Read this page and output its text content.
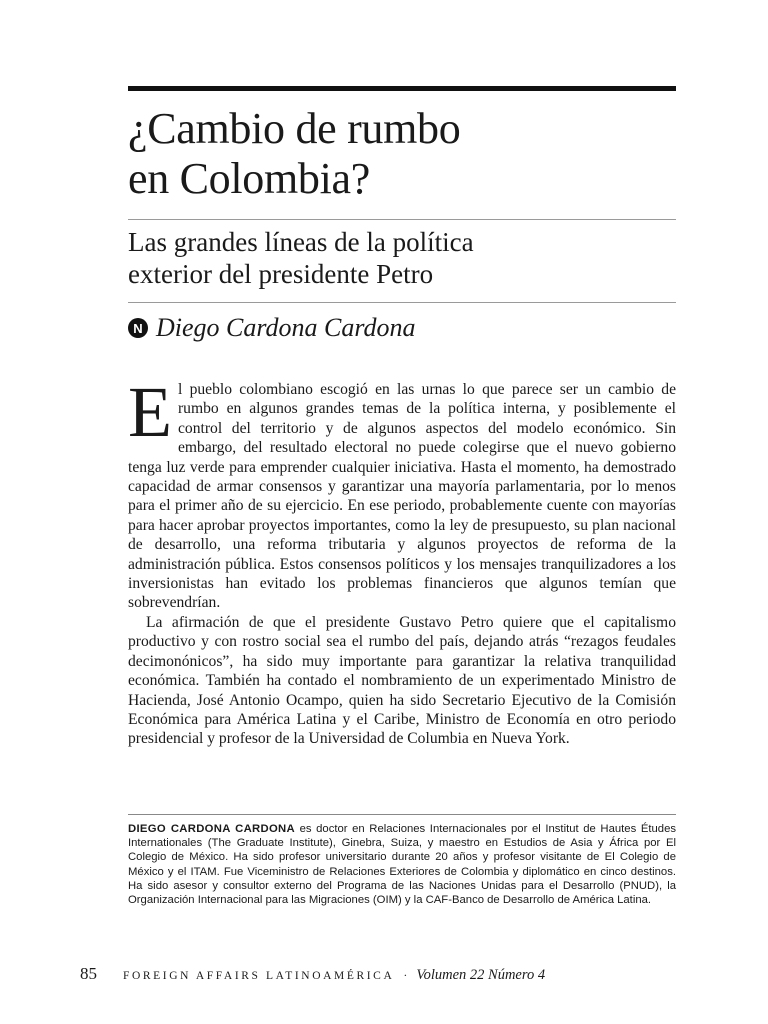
¿Cambio de rumbo
en Colombia?
Las grandes líneas de la política
exterior del presidente Petro
N Diego Cardona Cardona

El pueblo colombiano escogió en las urnas lo que parece ser un cambio de rumbo en algunos grandes temas de la política interna, y posiblemente el control del territorio y de algunos aspectos del modelo económico. Sin embargo, del resultado electoral no puede colegirse que el nuevo gobierno tenga luz verde para emprender cualquier iniciativa. Hasta el momento, ha demostrado capacidad de armar consensos y garantizar una mayoría parlamentaria, por lo menos para el primer año de su ejercicio. En ese periodo, probablemente cuente con mayorías para hacer aprobar proyectos importantes, como la ley de presupuesto, su plan nacional de desarrollo, una reforma tributaria y algunos proyectos de reforma de la administración pública. Estos consensos políticos y los mensajes tranquilizadores a los inversionistas han evitado los problemas financieros que algunos temían que sobrevendrían.

La afirmación de que el presidente Gustavo Petro quiere que el capitalismo productivo y con rostro social sea el rumbo del país, dejando atrás “rezagos feudales decimonónicos”, ha sido muy importante para garantizar la relativa tranquilidad económica. También ha contado el nombramiento de un experimentado Ministro de Hacienda, José Antonio Ocampo, quien ha sido Secretario Ejecutivo de la Comisión Económica para América Latina y el Caribe, Ministro de Economía en otro periodo presidencial y profesor de la Universidad de Columbia en Nueva York.

DIEGO CARDONA CARDONA es doctor en Relaciones Internacionales por el Institut de Hautes Études Internationales (The Graduate Institute), Ginebra, Suiza, y maestro en Estudios de Asia y África por El Colegio de México. Ha sido profesor universitario durante 20 años y profesor visitante de El Colegio de México y el ITAM. Fue Viceministro de Relaciones Exteriores de Colombia y diplomático en cinco destinos. Ha sido asesor y consultor externo del Programa de las Naciones Unidas para el Desarrollo (PNUD), la Organización Internacional para las Migraciones (OIM) y la CAF-Banco de Desarrollo de América Latina.

85 FOREIGN AFFAIRS LATINOAMÉRICA · Volumen 22 Número 4
